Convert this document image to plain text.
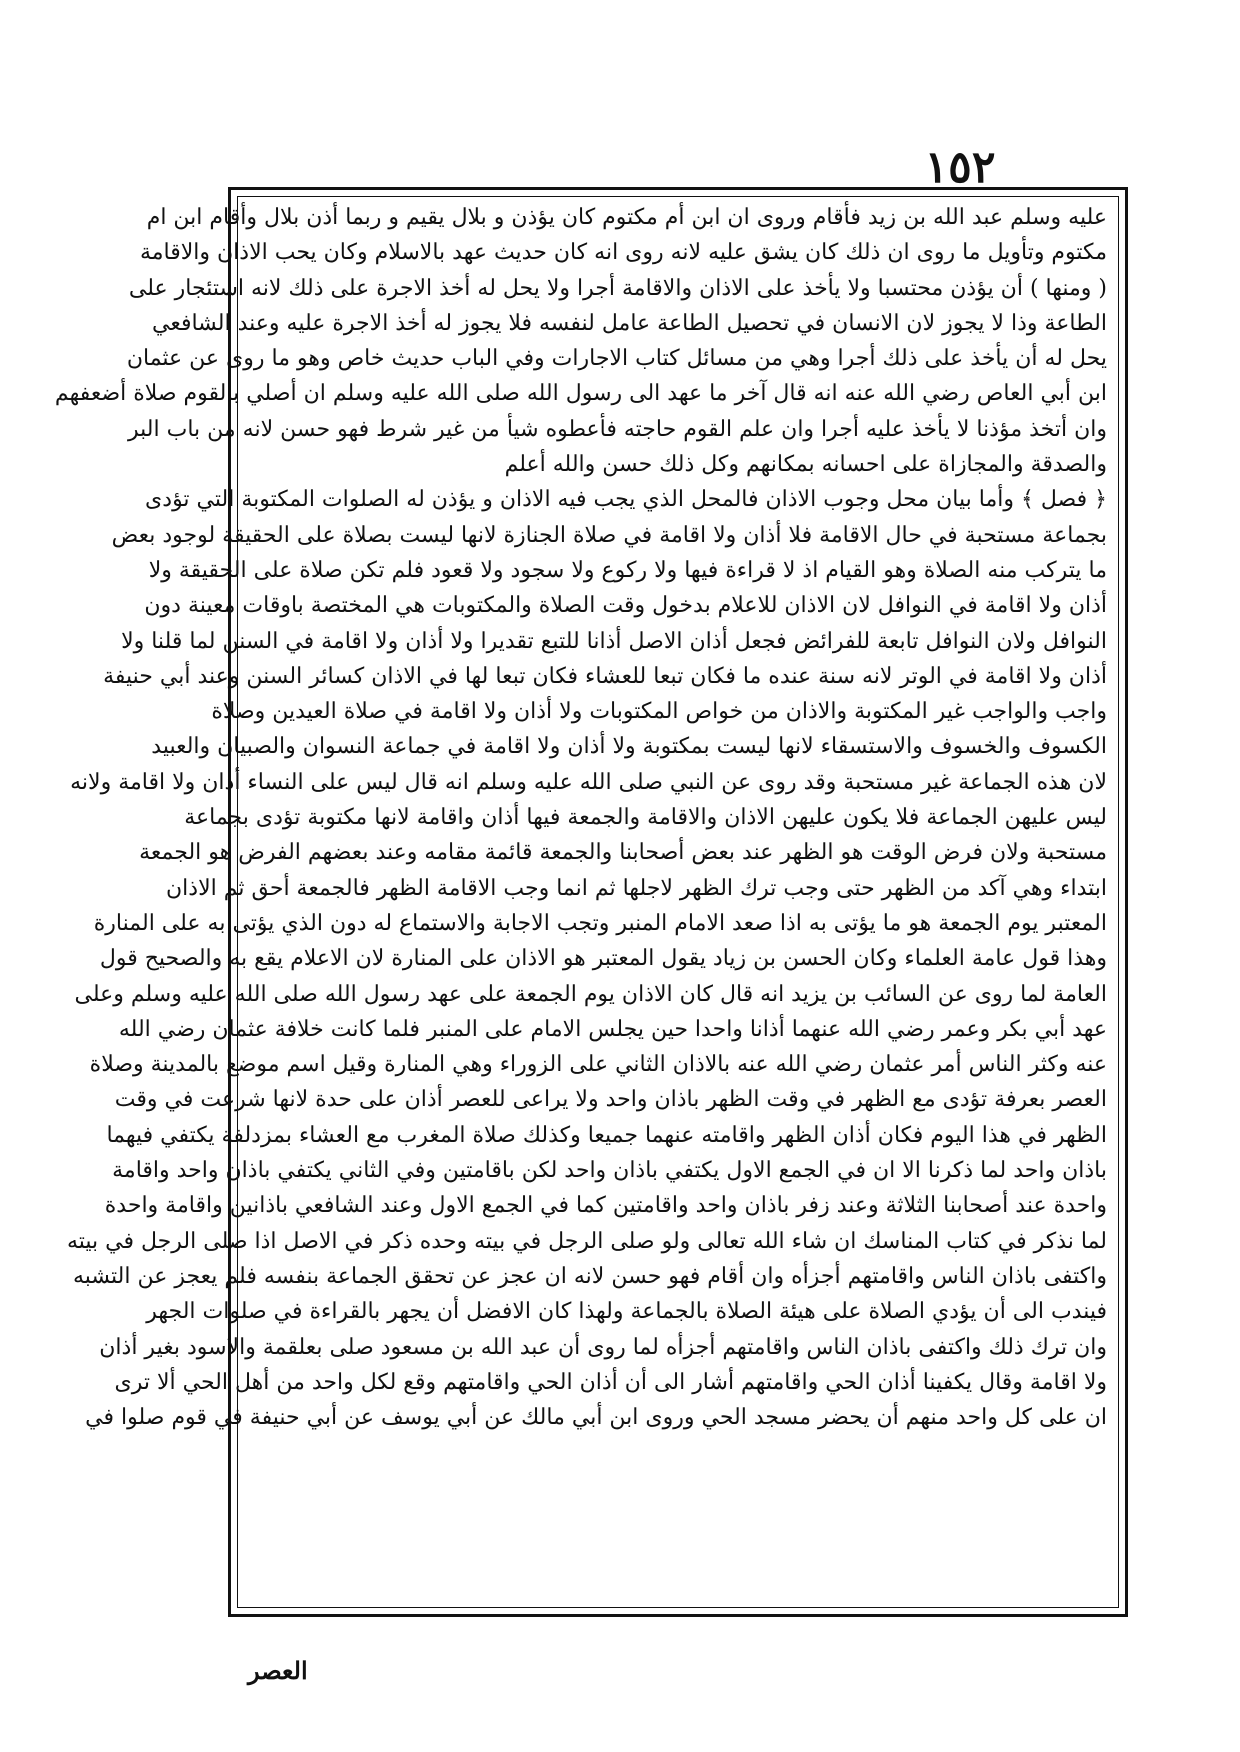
١٥٢
عليه وسلم عبد الله بن زيد فأقام وروى ان ابن أم مكتوم كان يؤذن و بلال يقيم و ربما أذن بلال وأقام ابن ام
مكتوم وتأويل ما روى ان ذلك كان يشق عليه لانه روى انه كان حديث عهد بالاسلام وكان يحب الاذان والاقامة
( ومنها ) أن يؤذن محتسبا ولا يأخذ على الاذان والاقامة أجرا ولا يحل له أخذ الاجرة على ذلك لانه استئجار على
الطاعة وذا لا يجوز لان الانسان في تحصيل الطاعة عامل لنفسه فلا يجوز له أخذ الاجرة عليه وعند الشافعي
يحل له أن يأخذ على ذلك أجرا وهي من مسائل كتاب الاجارات وفي الباب حديث خاص وهو ما روى عن عثمان
ابن أبي العاص رضي الله عنه انه قال آخر ما عهد الى رسول الله صلى الله عليه وسلم ان أصلي بالقوم صلاة أضعفهم
وان أتخذ مؤذنا لا يأخذ عليه أجرا وان علم القوم حاجته فأعطوه شيأ من غير شرط فهو حسن لانه من باب البر
والصدقة والمجازاة على احسانه بمكانهم وكل ذلك حسن والله أعلم
﴿ فصل ﴾ وأما بيان محل وجوب الاذان فالمحل الذي يجب فيه الاذان و يؤذن له الصلوات المكتوبة التي تؤدى
بجماعة مستحبة في حال الاقامة فلا أذان ولا اقامة في صلاة الجنازة لانها ليست بصلاة على الحقيقة لوجود بعض
ما يتركب منه الصلاة وهو القيام اذ لا قراءة فيها ولا ركوع ولا سجود ولا قعود فلم تكن صلاة على الحقيقة ولا
أذان ولا اقامة في النوافل لان الاذان للاعلام بدخول وقت الصلاة والمكتوبات هي المختصة باوقات معينة دون
النوافل ولان النوافل تابعة للفرائض فجعل أذان الاصل أذانا للتبع تقديرا ولا أذان ولا اقامة في السنن لما قلنا ولا
أذان ولا اقامة في الوتر لانه سنة عنده ما فكان تبعا للعشاء فكان تبعا لها في الاذان كسائر السنن وعند أبي حنيفة
واجب والواجب غير المكتوبة والاذان من خواص المكتوبات ولا أذان ولا اقامة في صلاة العيدين وصلاة
الكسوف والخسوف والاستسقاء لانها ليست بمكتوبة ولا أذان ولا اقامة في جماعة النسوان والصبيان والعبيد
لان هذه الجماعة غير مستحبة وقد روى عن النبي صلى الله عليه وسلم انه قال ليس على النساء أذان ولا اقامة ولانه
ليس عليهن الجماعة فلا يكون عليهن الاذان والاقامة والجمعة فيها أذان واقامة لانها مكتوبة تؤدى بجماعة
مستحبة ولان فرض الوقت هو الظهر عند بعض أصحابنا والجمعة قائمة مقامه وعند بعضهم الفرض هو الجمعة
ابتداء وهي آكد من الظهر حتى وجب ترك الظهر لاجلها ثم انما وجب الاقامة الظهر فالجمعة أحق ثم الاذان
المعتبر يوم الجمعة هو ما يؤتى به اذا صعد الامام المنبر وتجب الاجابة والاستماع له دون الذي يؤتى به على المنارة
وهذا قول عامة العلماء وكان الحسن بن زياد يقول المعتبر هو الاذان على المنارة لان الاعلام يقع به والصحيح قول
العامة لما روى عن السائب بن يزيد انه قال كان الاذان يوم الجمعة على عهد رسول الله صلى الله عليه وسلم وعلى
عهد أبي بكر وعمر رضي الله عنهما أذانا واحدا حين يجلس الامام على المنبر فلما كانت خلافة عثمان رضي الله
عنه وكثر الناس أمر عثمان رضي الله عنه بالاذان الثاني على الزوراء وهي المنارة وقيل اسم موضع بالمدينة وصلاة
العصر بعرفة تؤدى مع الظهر في وقت الظهر باذان واحد ولا يراعى للعصر أذان على حدة لانها شرعت في وقت
الظهر في هذا اليوم فكان أذان الظهر واقامته عنهما جميعا وكذلك صلاة المغرب مع العشاء بمزدلفة يكتفي فيهما
باذان واحد لما ذكرنا الا ان في الجمع الاول يكتفي باذان واحد لكن باقامتين وفي الثاني يكتفي باذان واحد واقامة
واحدة عند أصحابنا الثلاثة وعند زفر باذان واحد واقامتين كما في الجمع الاول وعند الشافعي باذانين واقامة واحدة
لما نذكر في كتاب المناسك ان شاء الله تعالى ولو صلى الرجل في بيته وحده ذكر في الاصل اذا صلى الرجل في بيته
واكتفى باذان الناس واقامتهم أجزأه وان أقام فهو حسن لانه ان عجز عن تحقق الجماعة بنفسه فلم يعجز عن التشبه
فيندب الى أن يؤدي الصلاة على هيئة الصلاة بالجماعة ولهذا كان الافضل أن يجهر بالقراءة في صلوات الجهر
وان ترك ذلك واكتفى باذان الناس واقامتهم أجزأه لما روى أن عبد الله بن مسعود صلى بعلقمة والاسود بغير أذان
ولا اقامة وقال يكفينا أذان الحي واقامتهم أشار الى أن أذان الحي واقامتهم وقع لكل واحد من أهل الحي ألا ترى
ان على كل واحد منهم أن يحضر مسجد الحي وروى ابن أبي مالك عن أبي يوسف عن أبي حنيفة في قوم صلوا في
العصر
